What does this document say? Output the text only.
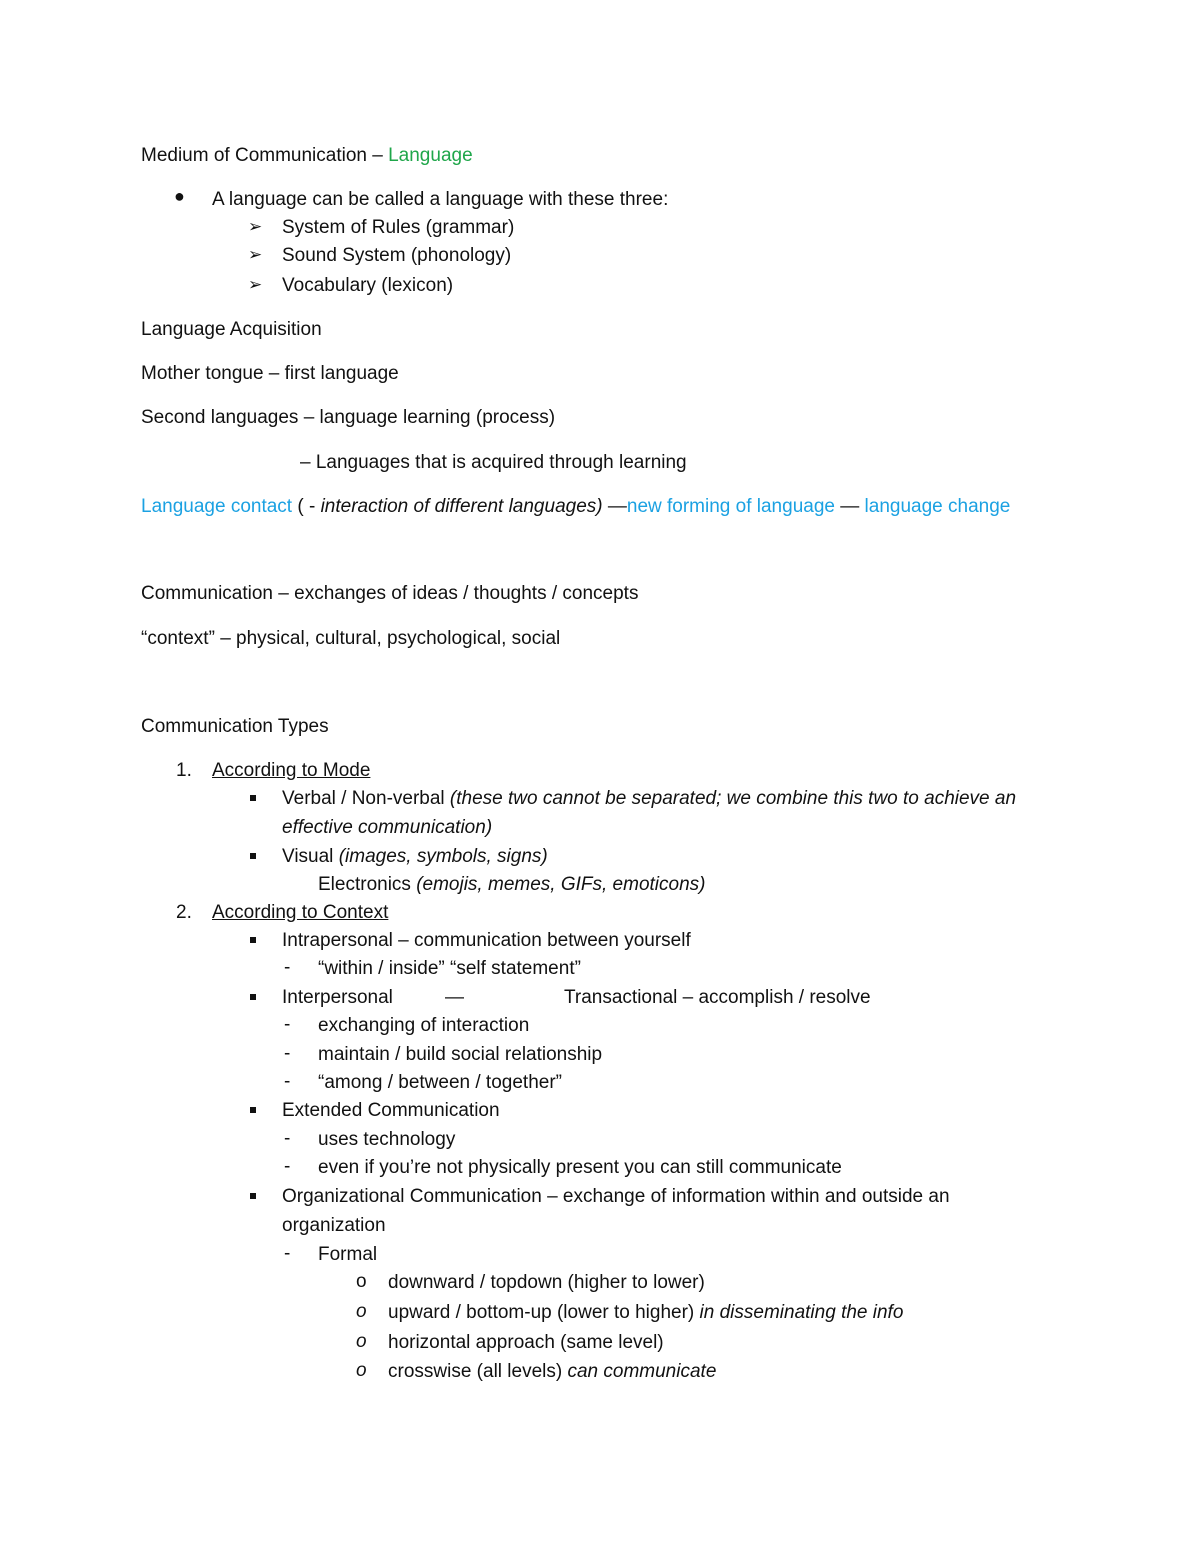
Medium of Communication – Language
● A language can be called a language with these three:
➢ System of Rules (grammar)
➢ Sound System (phonology)
➢ Vocabulary (lexicon)
Language Acquisition
Mother tongue – first language
Second languages – language learning (process)
– Languages that is acquired through learning
Language contact ( - interaction of different languages) —new forming of language — language change
Communication – exchanges of ideas / thoughts / concepts
“context” – physical, cultural, psychological, social
Communication Types
1. According to Mode
Verbal / Non-verbal (these two cannot be separated; we combine this two to achieve an
effective communication)
Visual (images, symbols, signs)
Electronics (emojis, memes, GIFs, emoticons)
2. According to Context
Intrapersonal – communication between yourself
- “within / inside” “self statement”
Interpersonal	—	Transactional – accomplish / resolve
- exchanging of interaction
- maintain / build social relationship
- “among / between / together”
Extended Communication
- uses technology
- even if you’re not physically present you can still communicate
Organizational Communication – exchange of information within and outside an
organization
- Formal
o downward / topdown (higher to lower)
o upward / bottom-up (lower to higher) in disseminating the info
o horizontal approach (same level)
o crosswise (all levels) can communicate
